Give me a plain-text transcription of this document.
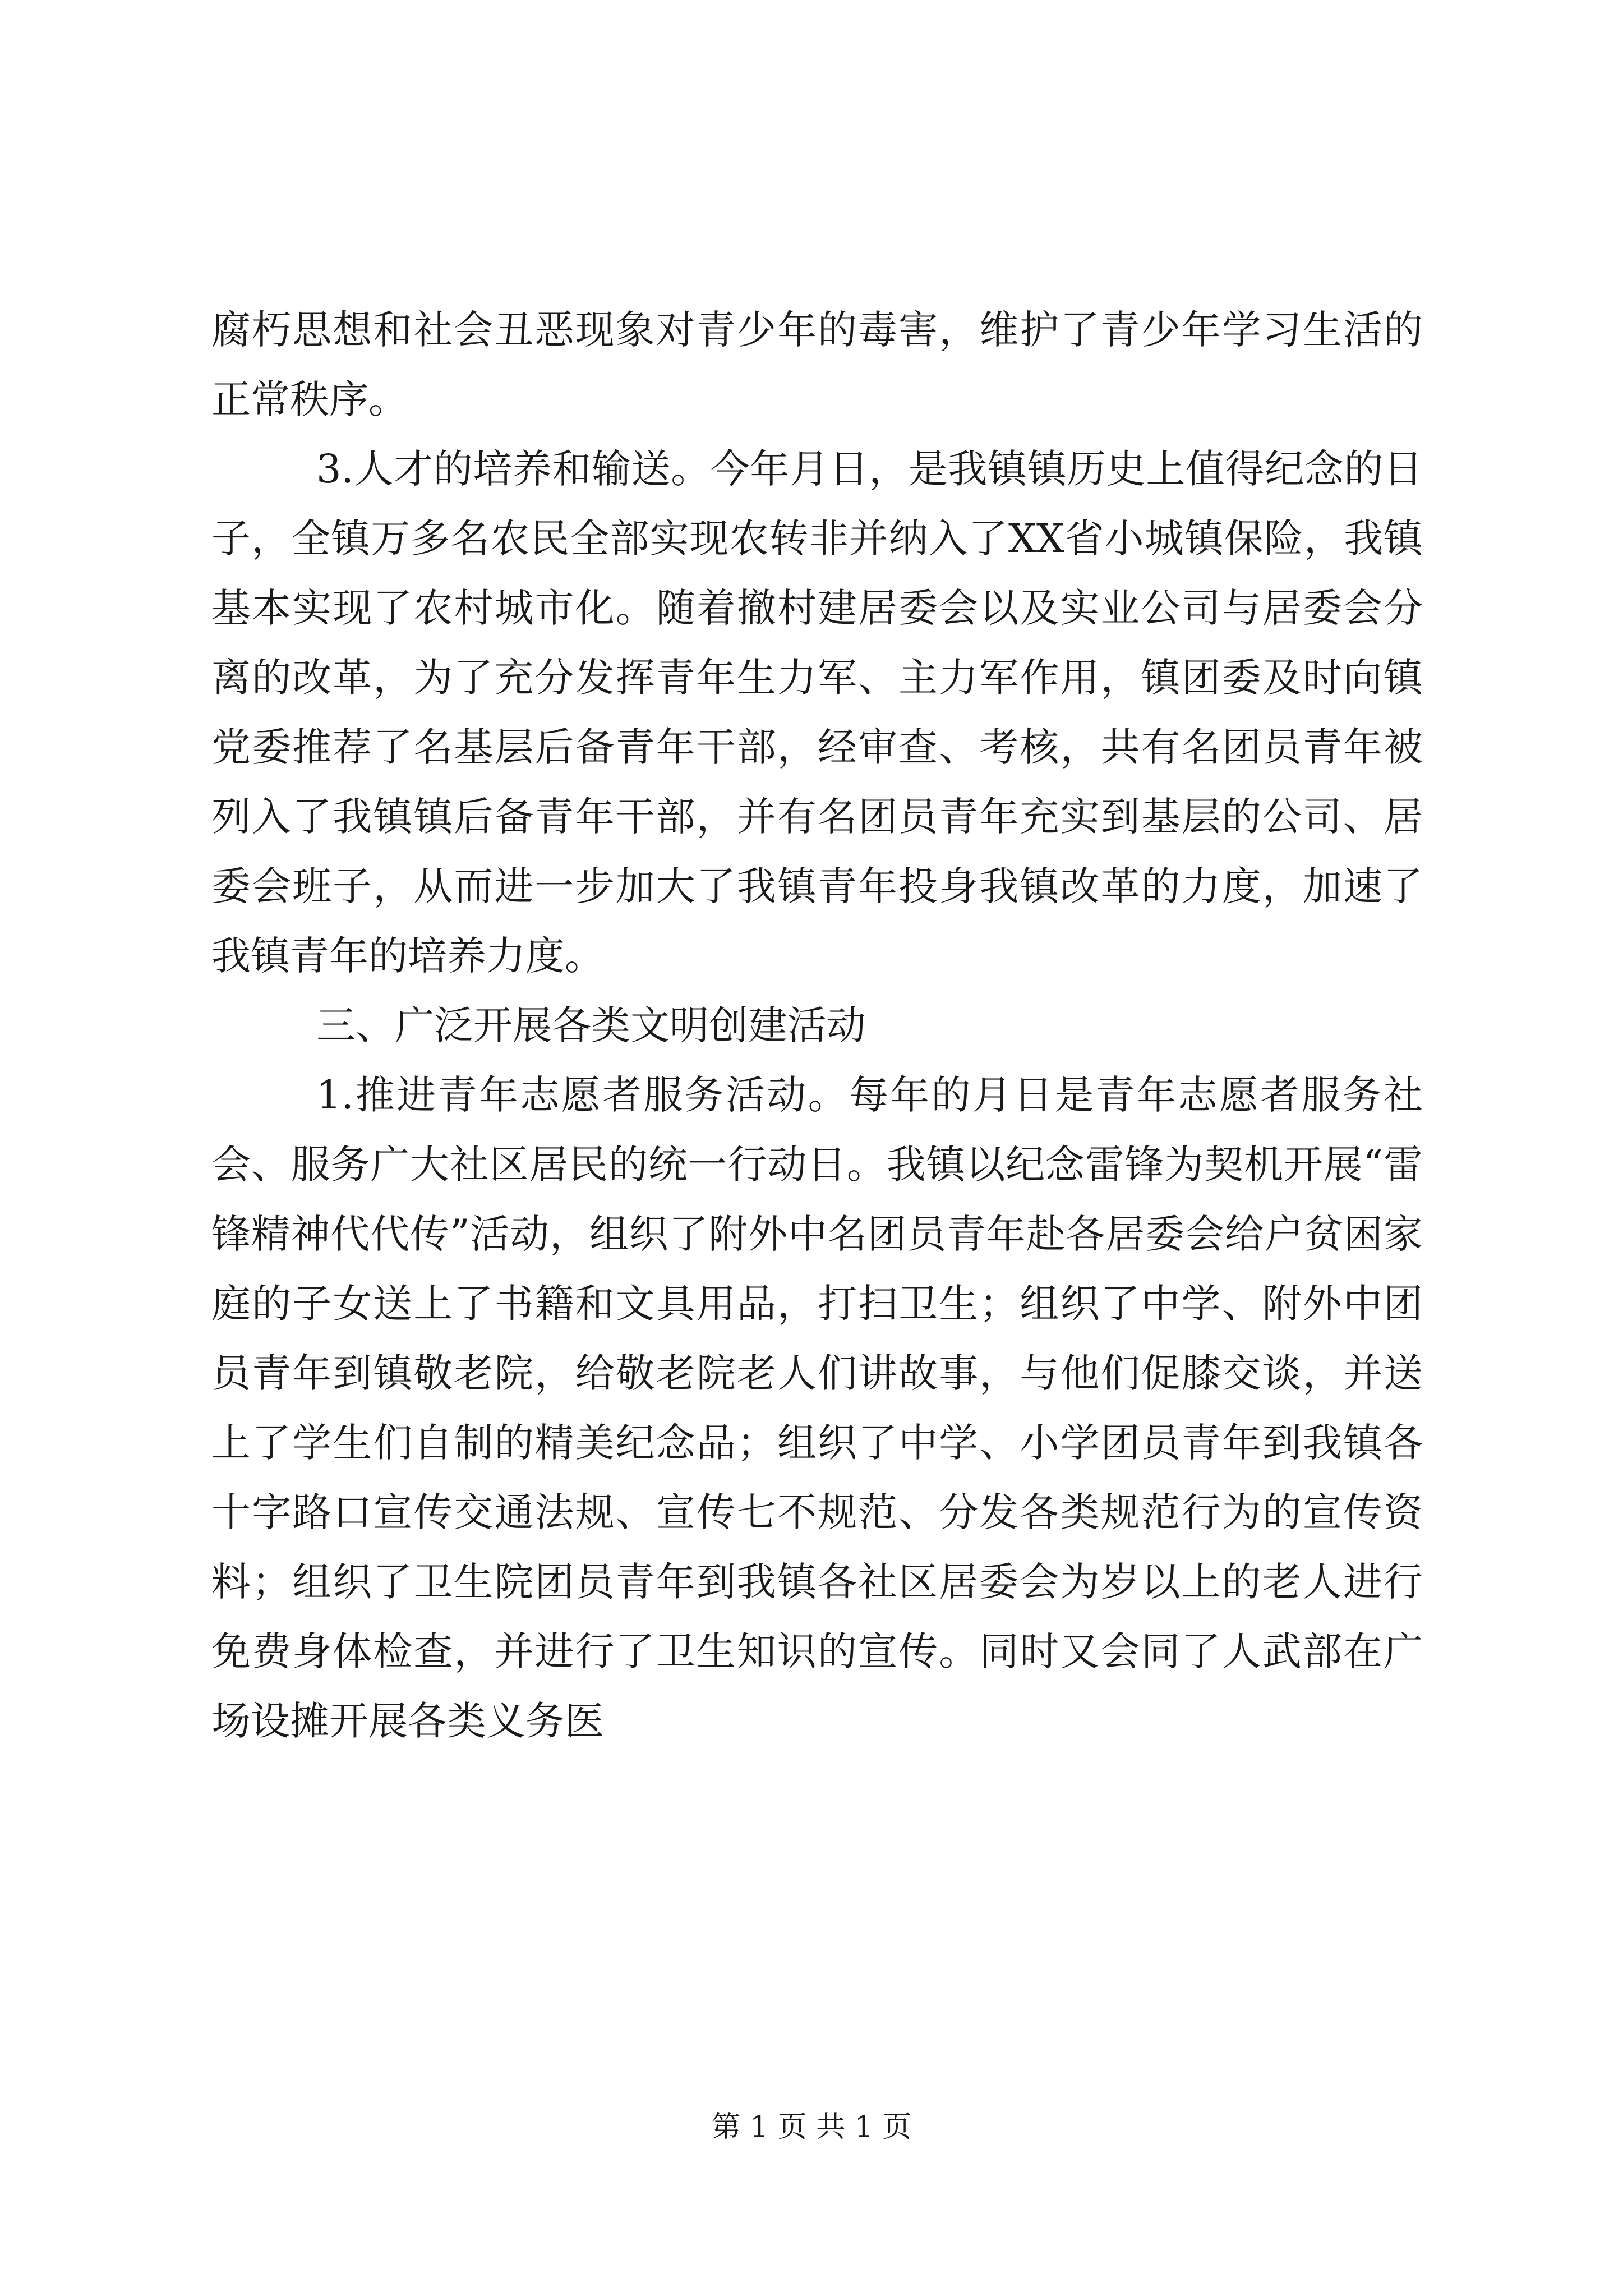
腐朽思想和社会丑恶现象对青少年的毒害，维护了青少年学习生活的正常秩序。

3.人才的培养和输送。今年月日，是我镇镇历史上值得纪念的日子，全镇万多名农民全部实现农转非并纳入了XX省小城镇保险，我镇基本实现了农村城市化。随着撤村建居委会以及实业公司与居委会分离的改革，为了充分发挥青年生力军、主力军作用，镇团委及时向镇党委推荐了名基层后备青年干部，经审查、考核，共有名团员青年被列入了我镇镇后备青年干部，并有名团员青年充实到基层的公司、居委会班子，从而进一步加大了我镇青年投身我镇改革的力度，加速了我镇青年的培养力度。

三、广泛开展各类文明创建活动

1.推进青年志愿者服务活动。每年的月日是青年志愿者服务社会、服务广大社区居民的统一行动日。我镇以纪念雷锋为契机开展“雷锋精神代代传”活动，组织了附外中名团员青年赴各居委会给户贫困家庭的子女送上了书籍和文具用品，打扫卫生；组织了中学、附外中团员青年到镇敬老院，给敬老院老人们讲故事，与他们促膝交谈，并送上了学生们自制的精美纪念品；组织了中学、小学团员青年到我镇各十字路口宣传交通法规、宣传七不规范、分发各类规范行为的宣传资料；组织了卫生院团员青年到我镇各社区居委会为岁以上的老人进行免费身体检查，并进行了卫生知识的宣传。同时又会同了人武部在广场设摊开展各类义务医

第 1 页 共 1 页
